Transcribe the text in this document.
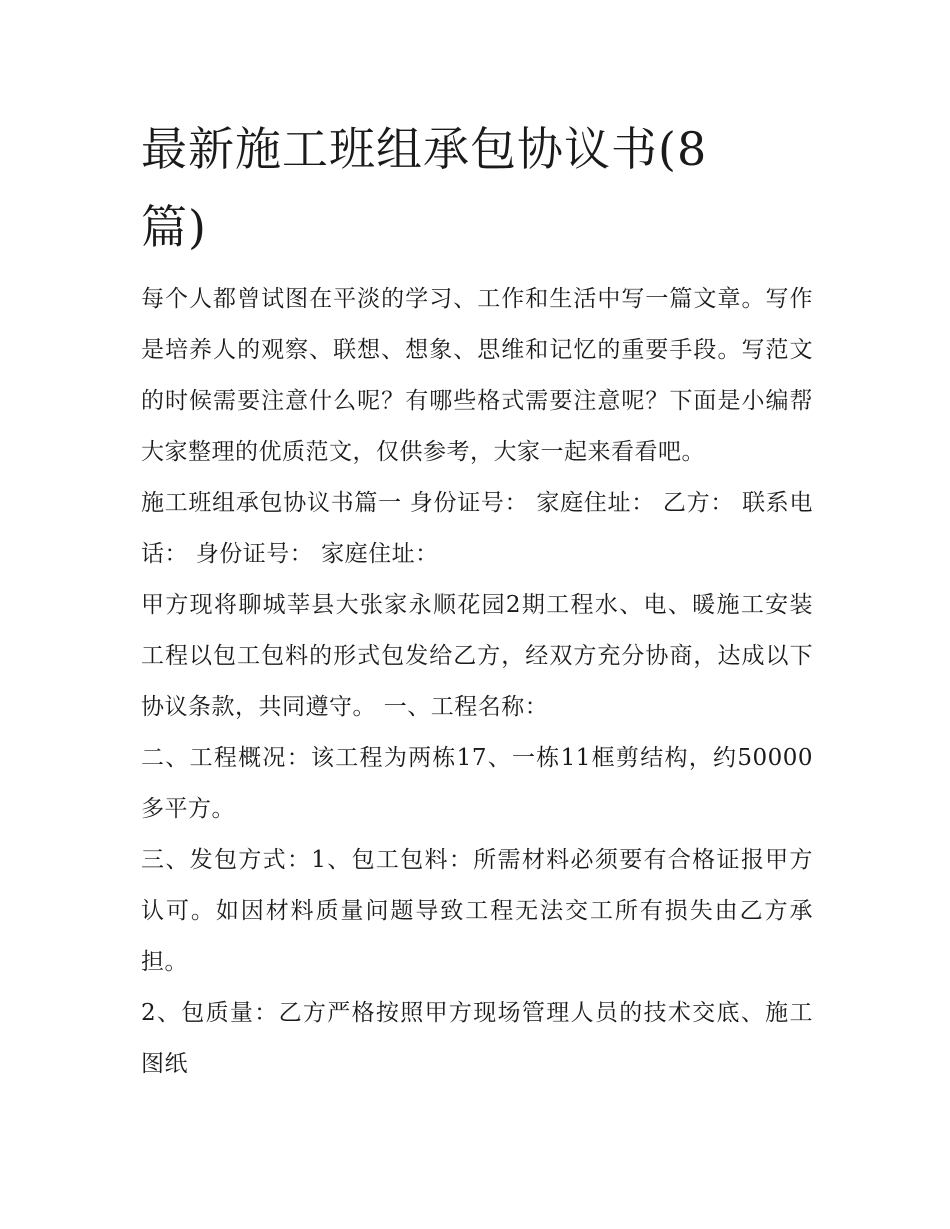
最新施工班组承包协议书(8篇)

每个人都曾试图在平淡的学习、工作和生活中写一篇文章。写作是培养人的观察、联想、想象、思维和记忆的重要手段。写范文的时候需要注意什么呢？有哪些格式需要注意呢？下面是小编帮大家整理的优质范文，仅供参考，大家一起来看看吧。

施工班组承包协议书篇一 身份证号： 家庭住址： 乙方： 联系电话： 身份证号： 家庭住址：

甲方现将聊城莘县大张家永顺花园2期工程水、电、暖施工安装工程以包工包料的形式包发给乙方，经双方充分协商，达成以下协议条款，共同遵守。 一、工程名称：

二、工程概况：该工程为两栋17、一栋11框剪结构，约50000多平方。

三、发包方式：1、包工包料：所需材料必须要有合格证报甲方认可。如因材料质量问题导致工程无法交工所有损失由乙方承担。

2、包质量：乙方严格按照甲方现场管理人员的技术交底、施工图纸
